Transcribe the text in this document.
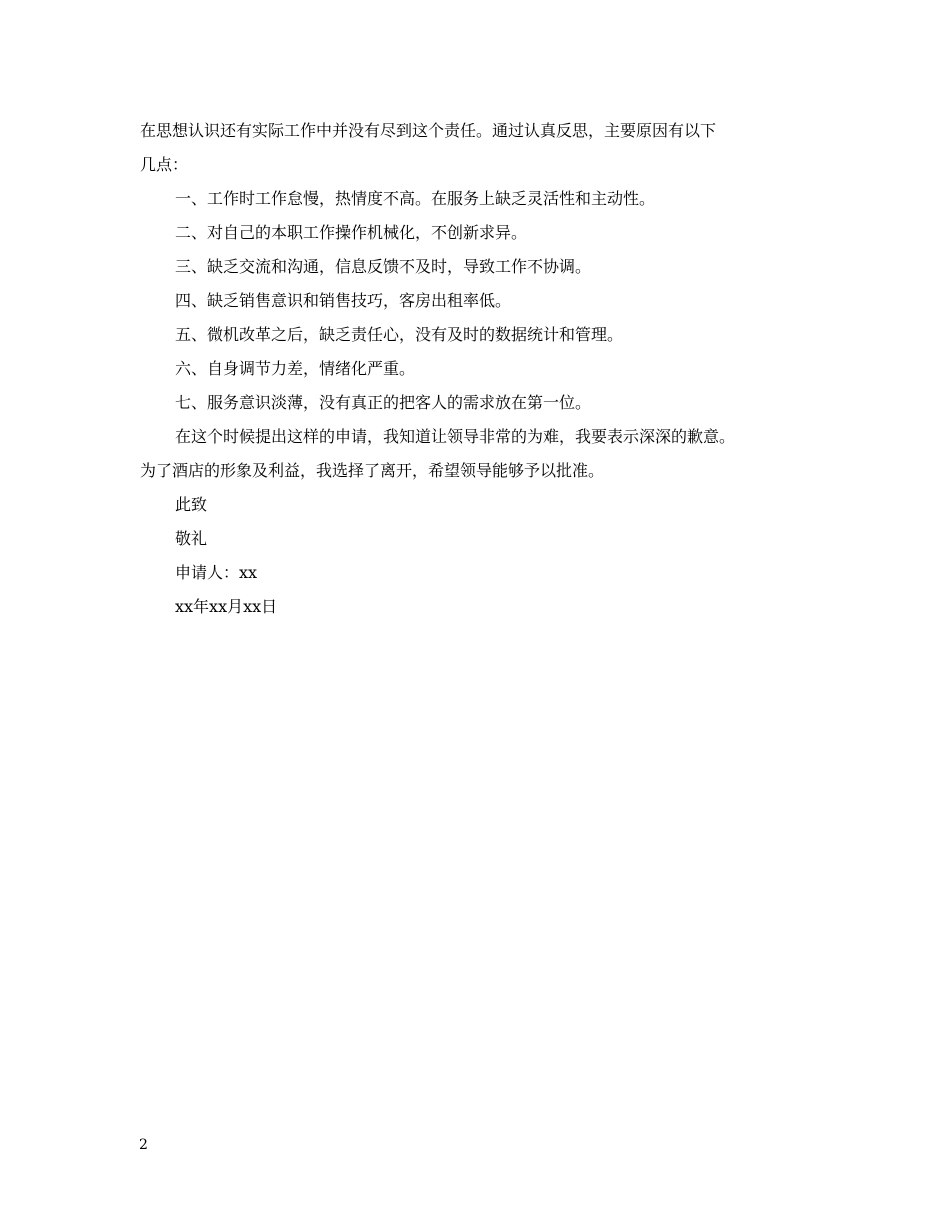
在思想认识还有实际工作中并没有尽到这个责任。通过认真反思，主要原因有以下
几点：
一、工作时工作怠慢，热情度不高。在服务上缺乏灵活性和主动性。
二、对自己的本职工作操作机械化，不创新求异。
三、缺乏交流和沟通，信息反馈不及时，导致工作不协调。
四、缺乏销售意识和销售技巧，客房出租率低。
五、微机改革之后，缺乏责任心，没有及时的数据统计和管理。
六、自身调节力差，情绪化严重。
七、服务意识淡薄，没有真正的把客人的需求放在第一位。
在这个时候提出这样的申请，我知道让领导非常的为难，我要表示深深的歉意。
为了酒店的形象及利益，我选择了离开，希望领导能够予以批准。
此致
敬礼
申请人：xx
xx年xx月xx日
2
